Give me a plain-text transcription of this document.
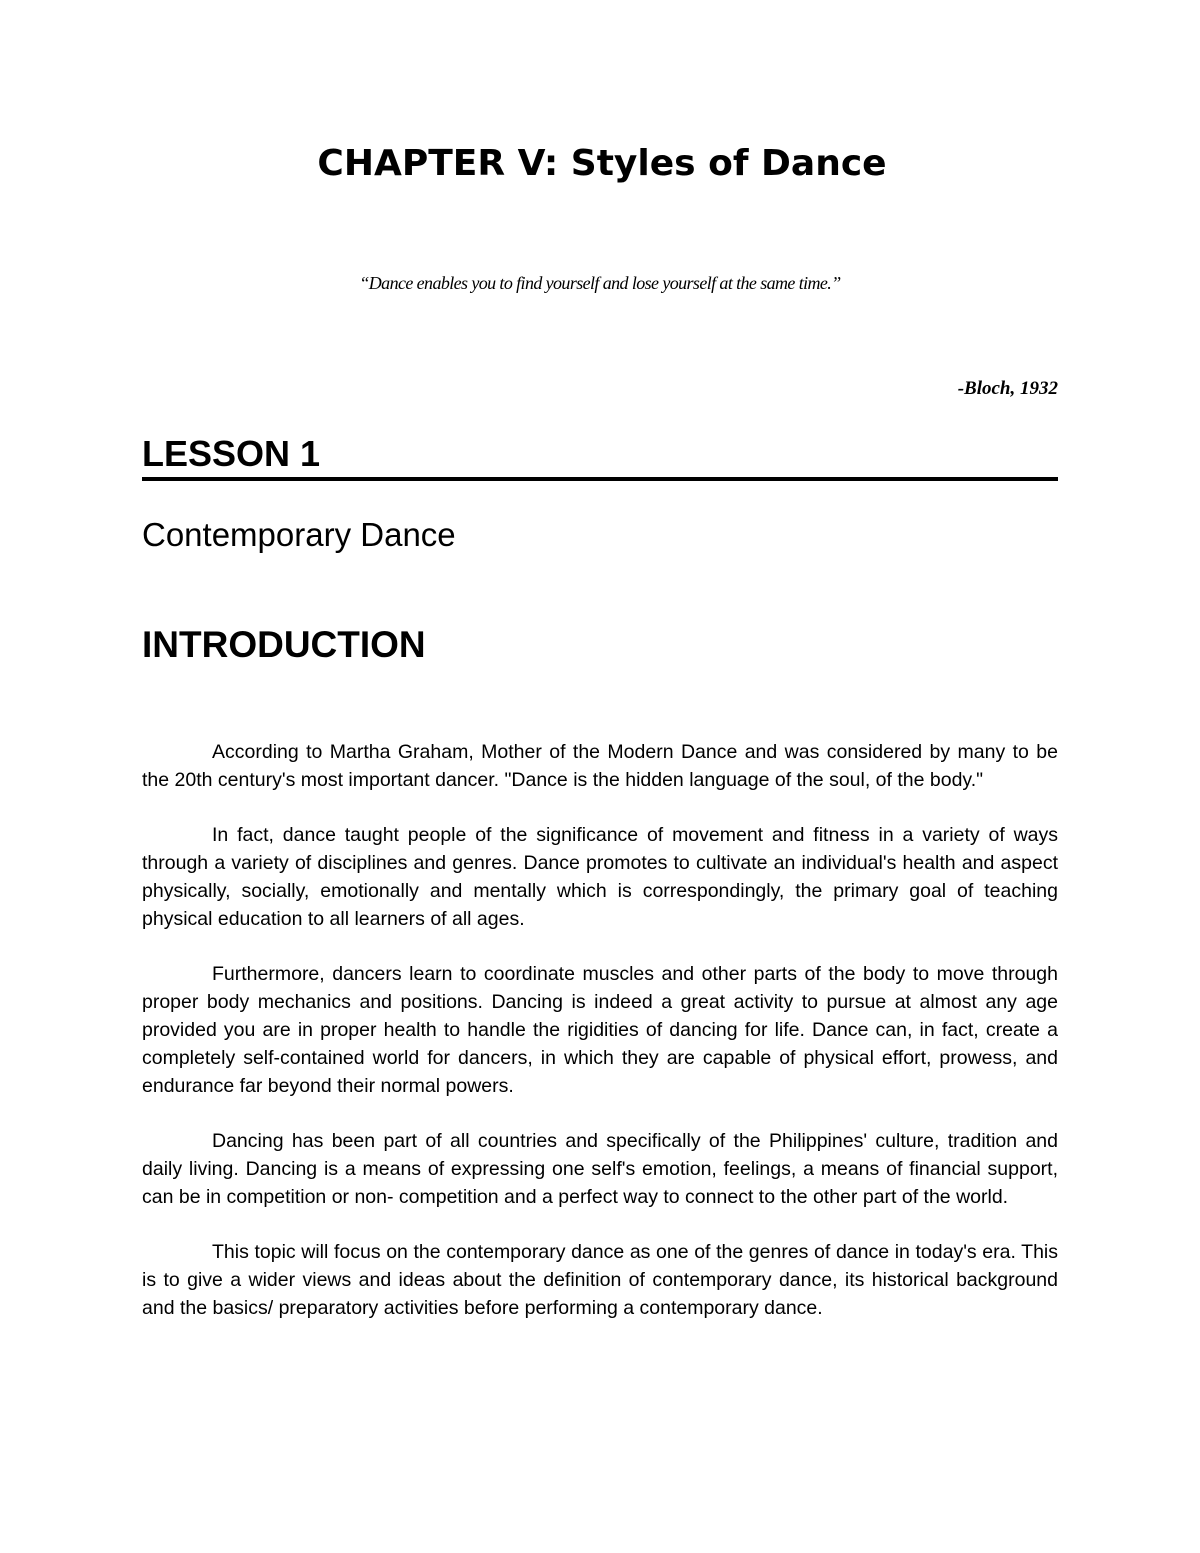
CHAPTER V: Styles of Dance

“Dance enables you to find yourself and lose yourself at the same time.”

-Bloch, 1932

LESSON 1
Contemporary Dance
INTRODUCTION

According to Martha Graham, Mother of the Modern Dance and was considered by many to be the 20th century's most important dancer. "Dance is the hidden language of the soul, of the body."

In fact, dance taught people of the significance of movement and fitness in a variety of ways through a variety of disciplines and genres. Dance promotes to cultivate an individual's health and aspect physically, socially, emotionally and mentally which is correspondingly, the primary goal of teaching physical education to all learners of all ages.

Furthermore, dancers learn to coordinate muscles and other parts of the body to move through proper body mechanics and positions. Dancing is indeed a great activity to pursue at almost any age provided you are in proper health to handle the rigidities of dancing for life. Dance can, in fact, create a completely self-contained world for dancers, in which they are capable of physical effort, prowess, and endurance far beyond their normal powers.

Dancing has been part of all countries and specifically of the Philippines' culture, tradition and daily living. Dancing is a means of expressing one self's emotion, feelings, a means of financial support, can be in competition or non- competition and a perfect way to connect to the other part of the world.

This topic will focus on the contemporary dance as one of the genres of dance in today's era. This is to give a wider views and ideas about the definition of contemporary dance, its historical background and the basics/ preparatory activities before performing a contemporary dance.
